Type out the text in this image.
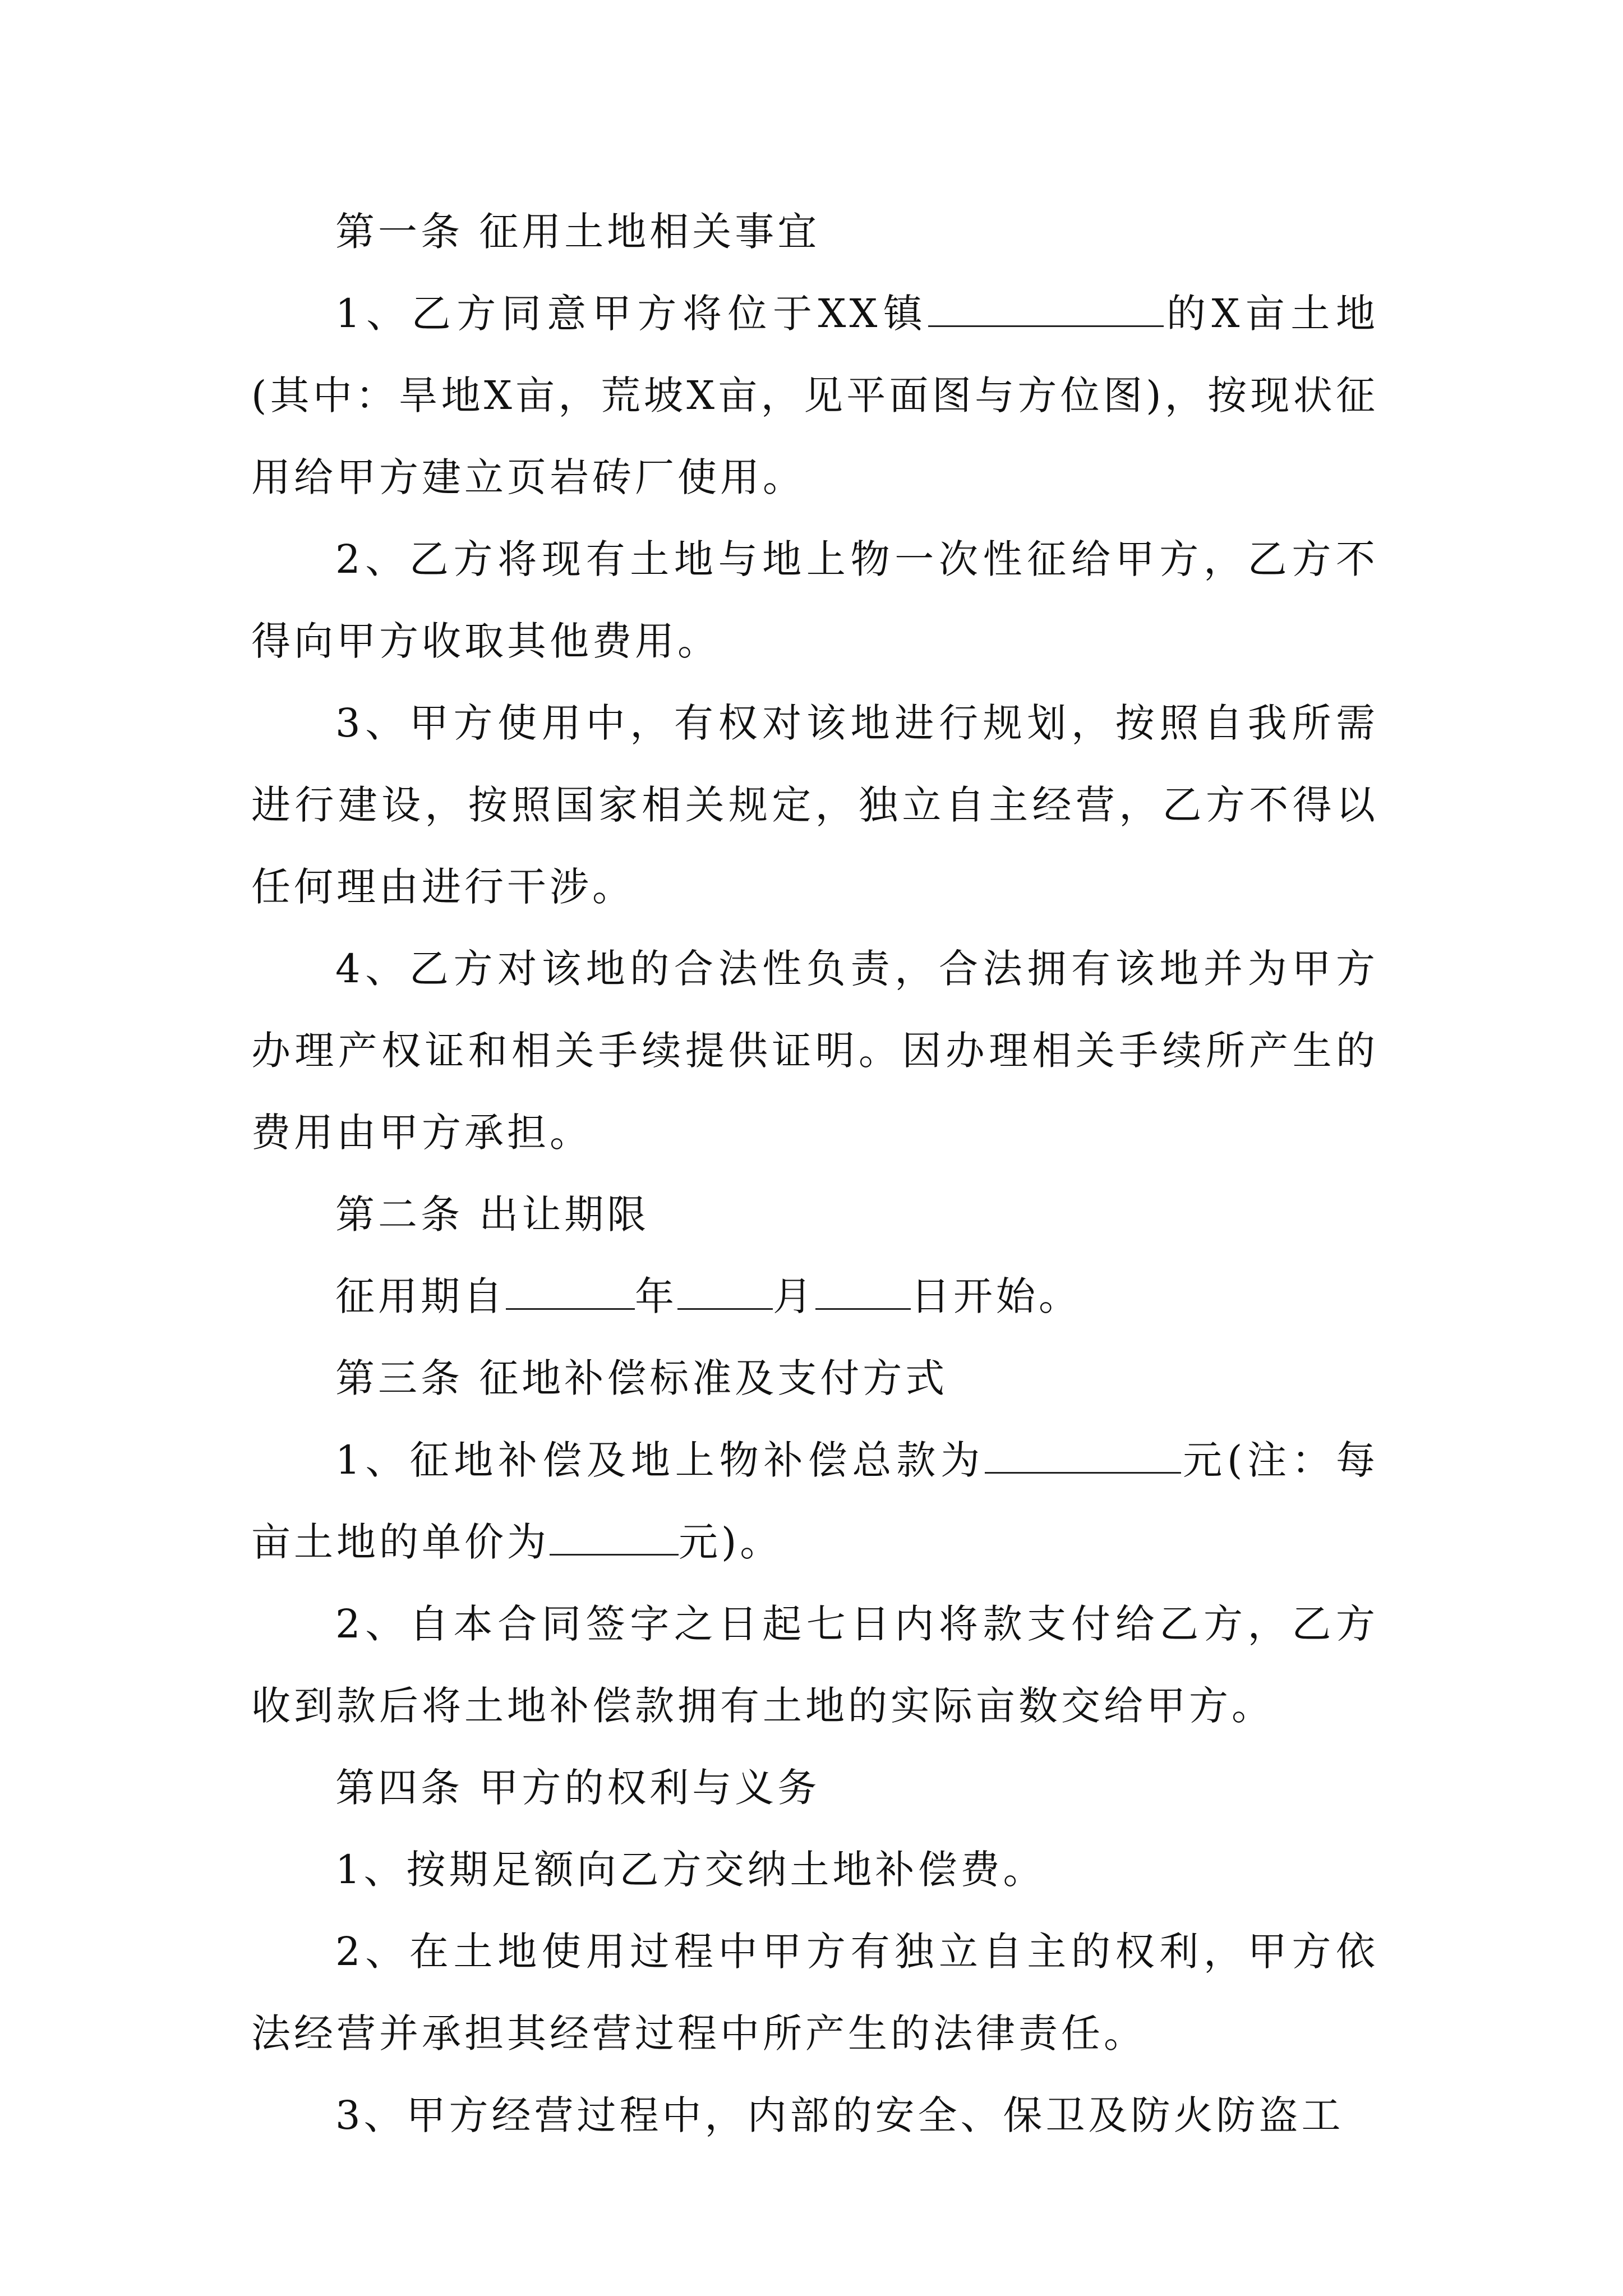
第一条 征用土地相关事宜

1、乙方同意甲方将位于XX镇	的X亩土地(其中：旱地X亩，荒坡X亩，见平面图与方位图)，按现状征用给甲方建立页岩砖厂使用。

2、乙方将现有土地与地上物一次性征给甲方，乙方不得向甲方收取其他费用。

3、甲方使用中，有权对该地进行规划，按照自我所需进行建设，按照国家相关规定，独立自主经营，乙方不得以任何理由进行干涉。

4、乙方对该地的合法性负责，合法拥有该地并为甲方办理产权证和相关手续提供证明。因办理相关手续所产生的费用由甲方承担。

第二条 出让期限

征用期自	年 月 日开始。

第三条 征地补偿标准及支付方式

1、征地补偿及地上物补偿总款为	元(注：每亩土地的单价为	元)。

2、自本合同签字之日起七日内将款支付给乙方，乙方收到款后将土地补偿款拥有土地的实际亩数交给甲方。

第四条 甲方的权利与义务

1、按期足额向乙方交纳土地补偿费。

2、在土地使用过程中甲方有独立自主的权利，甲方依法经营并承担其经营过程中所产生的法律责任。

3、甲方经营过程中，内部的安全、保卫及防火防盗工
